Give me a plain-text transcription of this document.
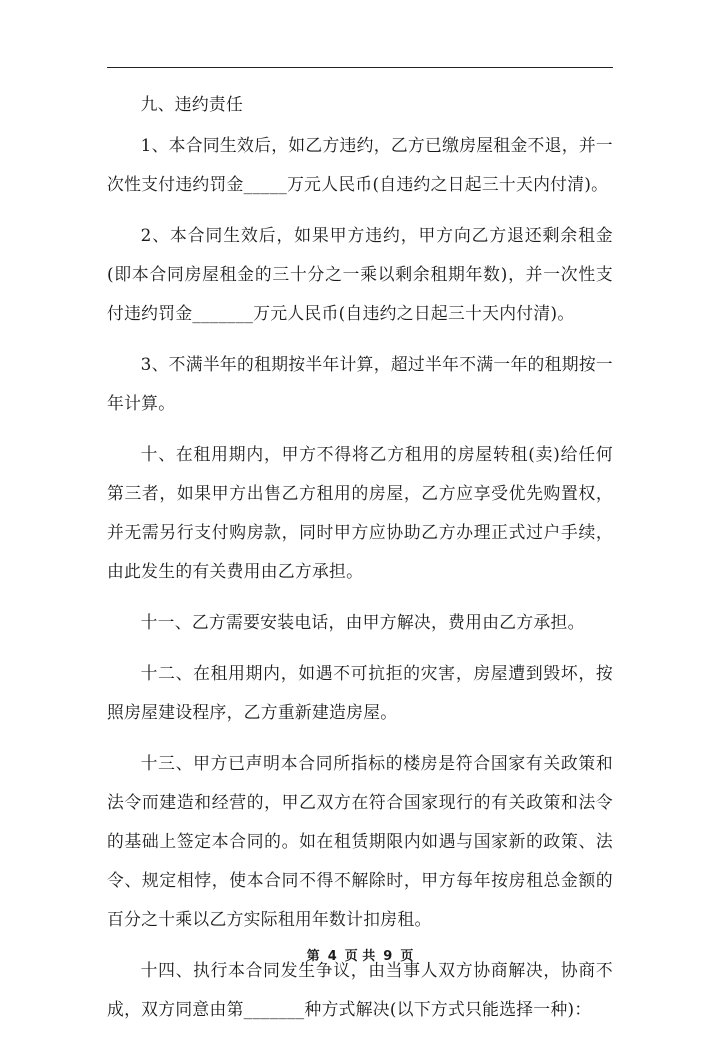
九、违约责任

1、本合同生效后，如乙方违约，乙方已缴房屋租金不退，并一次性支付违约罚金_____万元人民币(自违约之日起三十天内付清)。

2、本合同生效后，如果甲方违约，甲方向乙方退还剩余租金(即本合同房屋租金的三十分之一乘以剩余租期年数)，并一次性支付违约罚金_______万元人民币(自违约之日起三十天内付清)。

3、不满半年的租期按半年计算，超过半年不满一年的租期按一年计算。

十、在租用期内，甲方不得将乙方租用的房屋转租(卖)给任何第三者，如果甲方出售乙方租用的房屋，乙方应享受优先购置权，并无需另行支付购房款，同时甲方应协助乙方办理正式过户手续，由此发生的有关费用由乙方承担。

十一、乙方需要安装电话，由甲方解决，费用由乙方承担。

十二、在租用期内，如遇不可抗拒的灾害，房屋遭到毁坏，按照房屋建设程序，乙方重新建造房屋。

十三、甲方已声明本合同所指标的楼房是符合国家有关政策和法令而建造和经营的，甲乙双方在符合国家现行的有关政策和法令的基础上签定本合同的。如在租赁期限内如遇与国家新的政策、法令、规定相悖，使本合同不得不解除时，甲方每年按房租总金额的百分之十乘以乙方实际租用年数计扣房租。

十四、执行本合同发生争议，由当事人双方协商解决，协商不成，双方同意由第_______种方式解决(以下方式只能选择一种)：

第 4 页 共 9 页
